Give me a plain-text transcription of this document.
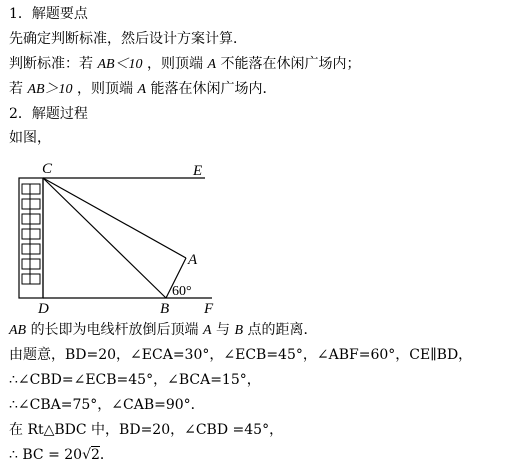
1．解题要点
先确定判断标准，然后设计方案计算．
判断标准：若 AB＜10 ，则顶端 A 不能落在休闲广场内；
若 AB＞10 ，则顶端 A 能落在休闲广场内．
2．解题过程
如图，
C	E
A
D	B F
60°
AB 的长即为电线杆放倒后顶端 A 与 B 点的距离．
由题意，BD=20，∠ECA=30°，∠ECB=45°，∠ABF=60°，CE∥BD，
∴∠CBD=∠ECB=45°，∠BCA=15°，
∴∠CBA=75°，∠CAB=90°．
在 Rt△BDC 中，BD=20，∠CBD =45°，
∴ BC = 20√2．
